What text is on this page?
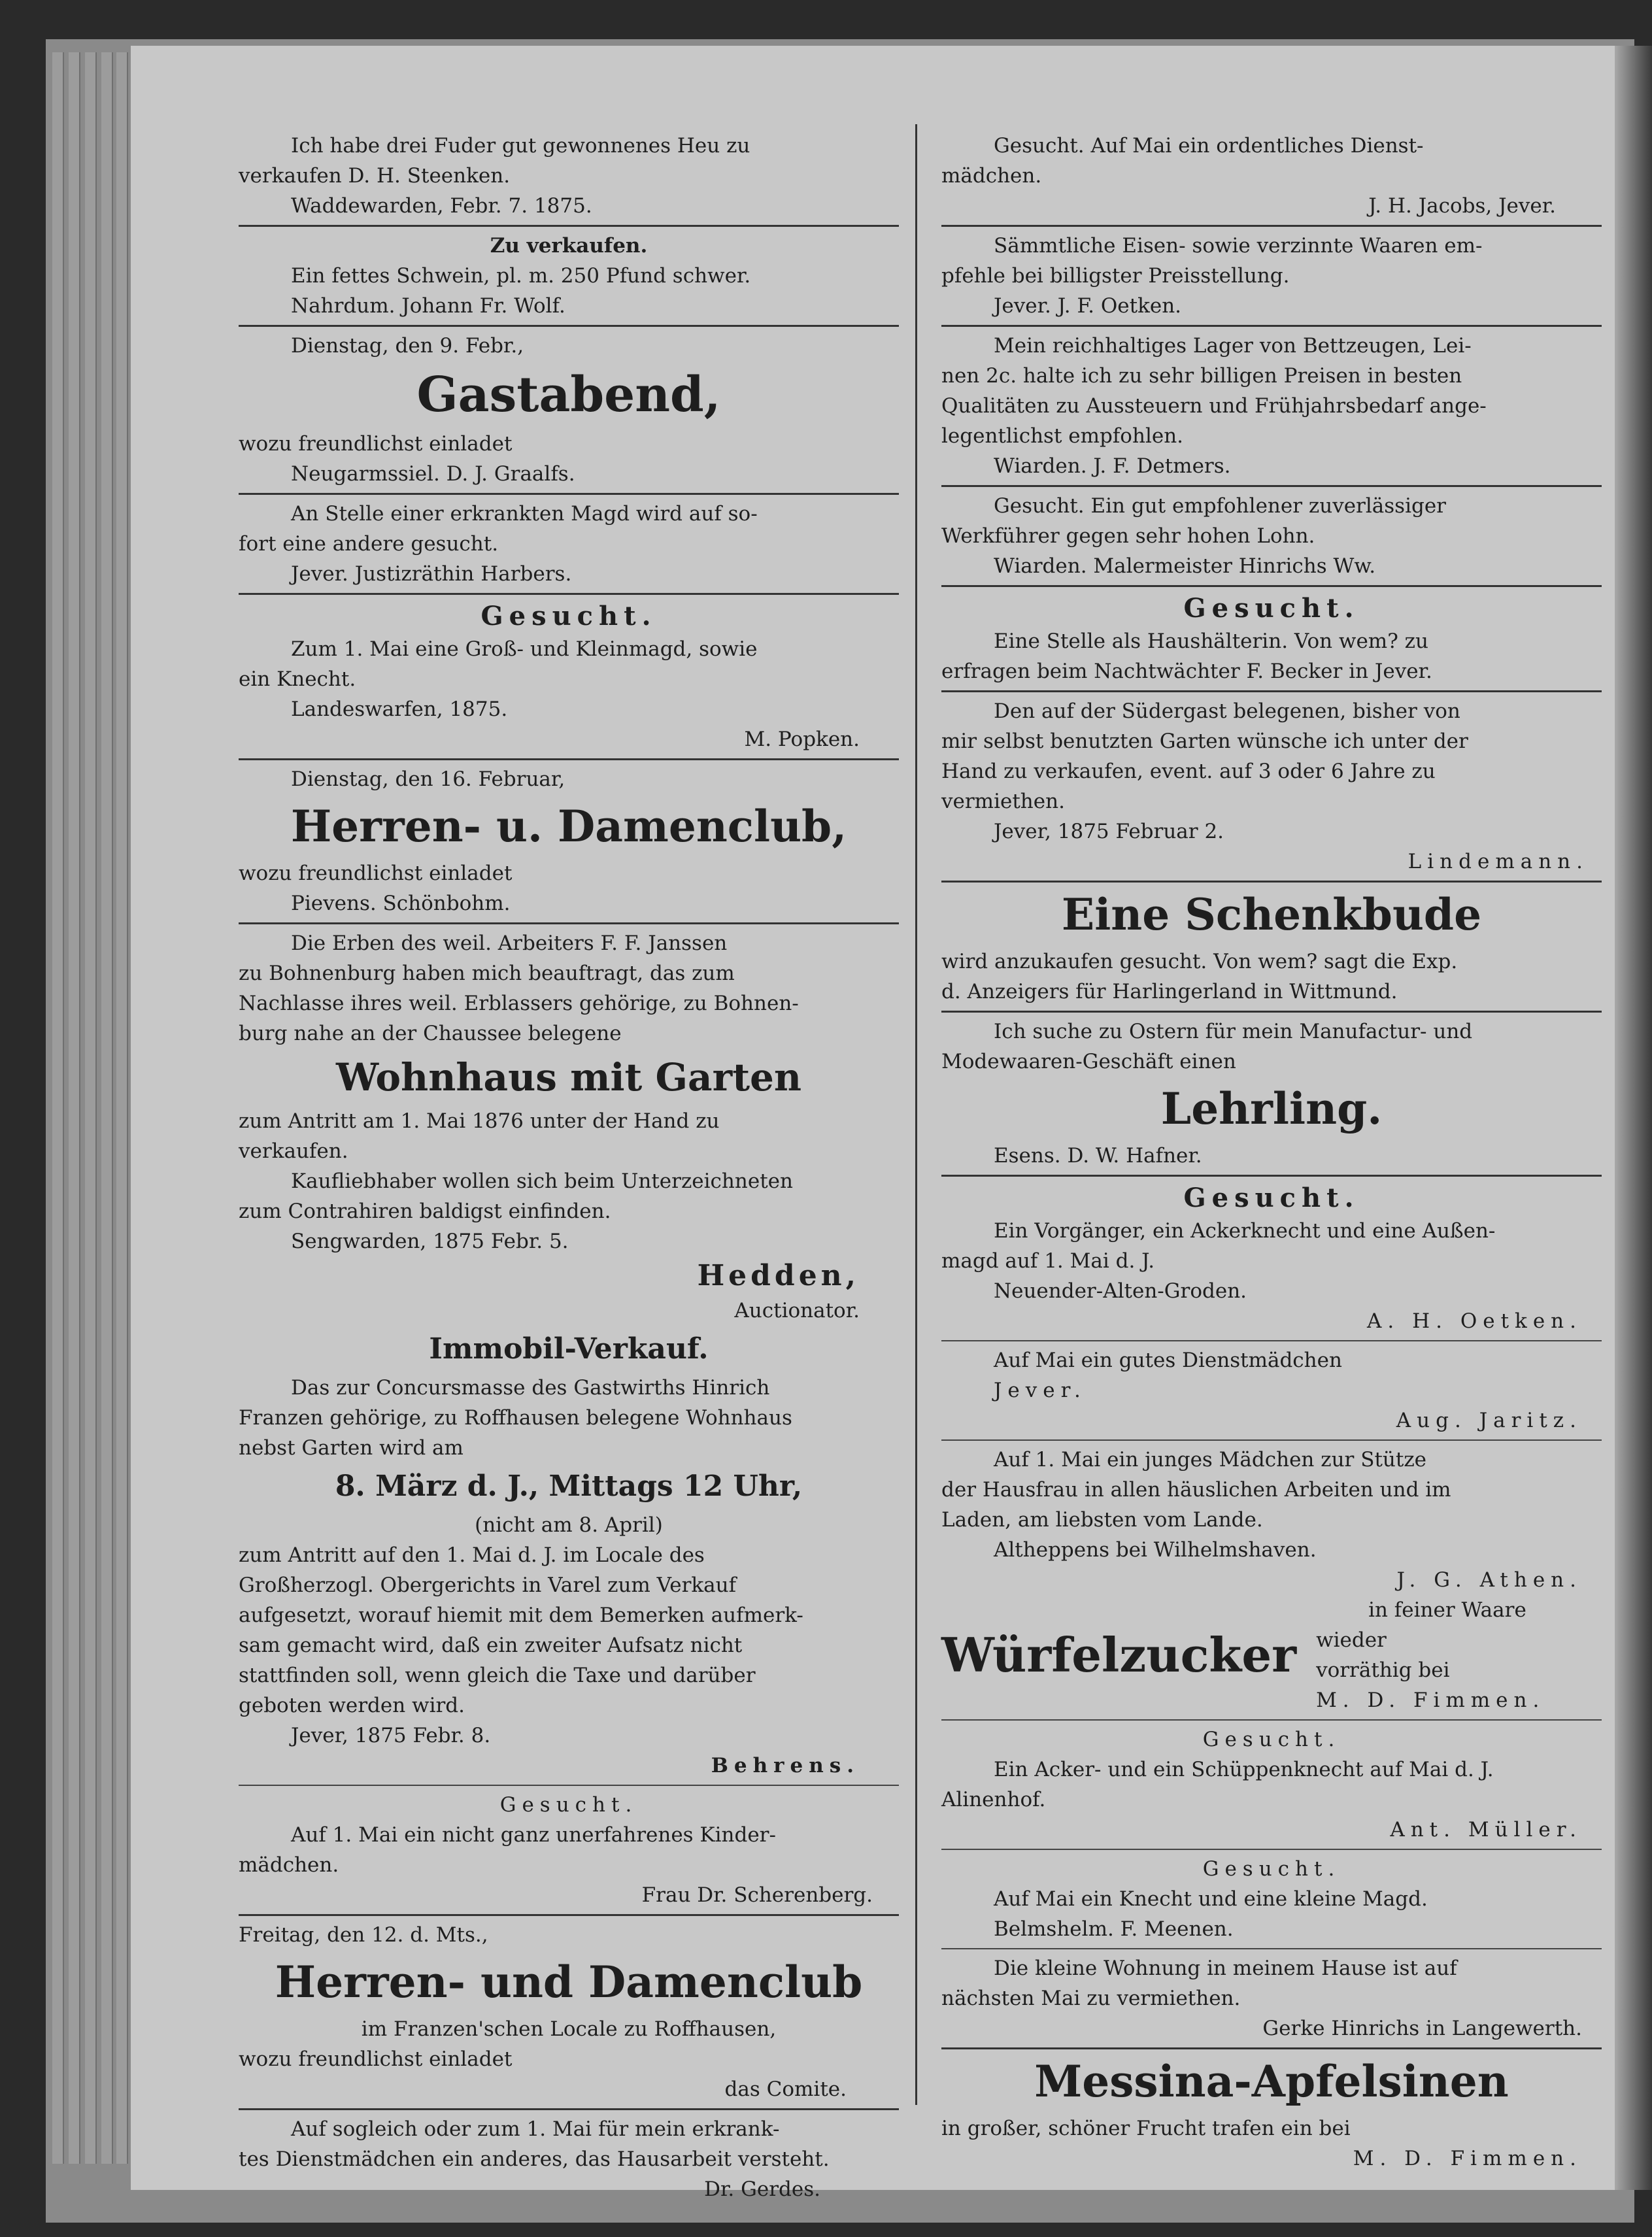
Ich habe drei Fuder gut gewonnenes Heu zu

verkaufen D. H. Steenken.

Waddewarden, Febr. 7. 1875.

Zu verkaufen.

Ein fettes Schwein, pl. m. 250 Pfund schwer.

Nahrdum. Johann Fr. Wolf.

Dienstag, den 9. Febr.,

Gastabend,

wozu freundlichst einladet

Neugarmssiel. D. J. Graalfs.

An Stelle einer erkrankten Magd wird auf so-

fort eine andere gesucht.

Jever. Justizräthin Harbers.

Gesucht.

Zum 1. Mai eine Groß- und Kleinmagd, sowie

ein Knecht.

Landeswarfen, 1875.

M. Popken.

Dienstag, den 16. Februar,

Herren- u. Damenclub,

wozu freundlichst einladet

Pievens. Schönbohm.

Die Erben des weil. Arbeiters F. F. Janssen

zu Bohnenburg haben mich beauftragt, das zum

Nachlasse ihres weil. Erblassers gehörige, zu Bohnen-

burg nahe an der Chaussee belegene

Wohnhaus mit Garten

zum Antritt am 1. Mai 1876 unter der Hand zu

verkaufen.

Kaufliebhaber wollen sich beim Unterzeichneten

zum Contrahiren baldigst einfinden.

Sengwarden, 1875 Febr. 5.

Hedden,

Auctionator.

Immobil-Verkauf.

Das zur Concursmasse des Gastwirths Hinrich

Franzen gehörige, zu Roffhausen belegene Wohnhaus

nebst Garten wird am

8. März d. J., Mittags 12 Uhr,

(nicht am 8. April)

zum Antritt auf den 1. Mai d. J. im Locale des

Großherzogl. Obergerichts in Varel zum Verkauf

aufgesetzt, worauf hiemit mit dem Bemerken aufmerk-

sam gemacht wird, daß ein zweiter Aufsatz nicht

stattfinden soll, wenn gleich die Taxe und darüber

geboten werden wird.

Jever, 1875 Febr. 8.

Behrens.

Gesucht.

Auf 1. Mai ein nicht ganz unerfahrenes Kinder-

mädchen.

Frau Dr. Scherenberg.

Freitag, den 12. d. Mts.,

Herren- und Damenclub

im Franzen'schen Locale zu Roffhausen,

wozu freundlichst einladet

das Comite.

Auf sogleich oder zum 1. Mai für mein erkrank-

tes Dienstmädchen ein anderes, das Hausarbeit versteht.

Dr. Gerdes.

Gesucht. Auf Mai ein ordentliches Dienst-

mädchen.

J. H. Jacobs, Jever.

Sämmtliche Eisen- sowie verzinnte Waaren em-

pfehle bei billigster Preisstellung.

Jever. J. F. Oetken.

Mein reichhaltiges Lager von Bettzeugen, Lei-

nen 2c. halte ich zu sehr billigen Preisen in besten

Qualitäten zu Aussteuern und Frühjahrsbedarf ange-

legentlichst empfohlen.

Wiarden. J. F. Detmers.

Gesucht. Ein gut empfohlener zuverlässiger

Werkführer gegen sehr hohen Lohn.

Wiarden. Malermeister Hinrichs Ww.

Gesucht.

Eine Stelle als Haushälterin. Von wem? zu

erfragen beim Nachtwächter F. Becker in Jever.

Den auf der Südergast belegenen, bisher von

mir selbst benutzten Garten wünsche ich unter der

Hand zu verkaufen, event. auf 3 oder 6 Jahre zu

vermiethen.

Jever, 1875 Februar 2.

Lindemann.

Eine Schenkbude

wird anzukaufen gesucht. Von wem? sagt die Exp.

d. Anzeigers für Harlingerland in Wittmund.

Ich suche zu Ostern für mein Manufactur- und

Modewaaren-Geschäft einen

Lehrling.

Esens. D. W. Hafner.

Gesucht.

Ein Vorgänger, ein Ackerknecht und eine Außen-

magd auf 1. Mai d. J.

Neuender-Alten-Groden.

A. H. Oetken.

Auf Mai ein gutes Dienstmädchen

Jever.

Aug. Jaritz.

Auf 1. Mai ein junges Mädchen zur Stütze

der Hausfrau in allen häuslichen Arbeiten und im

Laden, am liebsten vom Lande.

Altheppens bei Wilhelmshaven.

J. G. Athen.

Würfelzucker

in feiner Waare wieder

vorräthig bei

M. D. Fimmen.

Gesucht.

Ein Acker- und ein Schüppenknecht auf Mai d. J.

Alinenhof.

Ant. Müller.

Gesucht.

Auf Mai ein Knecht und eine kleine Magd.

Belmshelm. F. Meenen.

Die kleine Wohnung in meinem Hause ist auf

nächsten Mai zu vermiethen.

Gerke Hinrichs in Langewerth.

Messina-Apfelsinen

in großer, schöner Frucht trafen ein bei

M. D. Fimmen.
